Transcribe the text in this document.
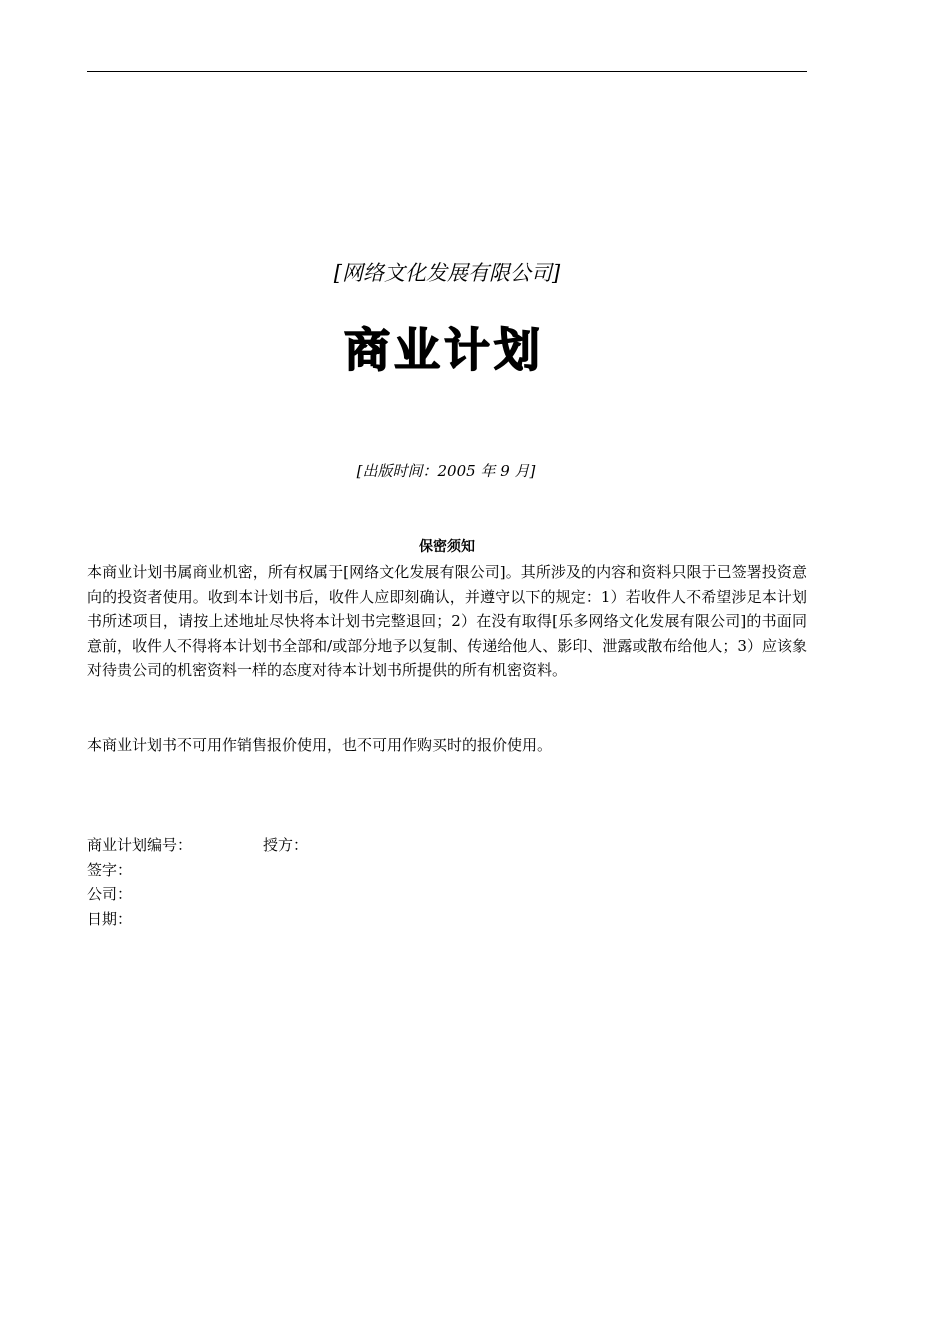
[网络文化发展有限公司]
商业计划
[出版时间：2005 年 9 月]
保密须知

本商业计划书属商业机密，所有权属于[网络文化发展有限公司]。其所涉及的内容和资料只限于已签署投资意向的投资者使用。收到本计划书后，收件人应即刻确认，并遵守以下的规定：1）若收件人不希望涉足本计划书所述项目，请按上述地址尽快将本计划书完整退回；2）在没有取得[乐多网络文化发展有限公司]的书面同意前，收件人不得将本计划书全部和/或部分地予以复制、传递给他人、影印、泄露或散布给他人；3）应该象对待贵公司的机密资料一样的态度对待本计划书所提供的所有机密资料。

本商业计划书不可用作销售报价使用，也不可用作购买时的报价使用。

商业计划编号：	授方：
签字：
公司：
日期：
